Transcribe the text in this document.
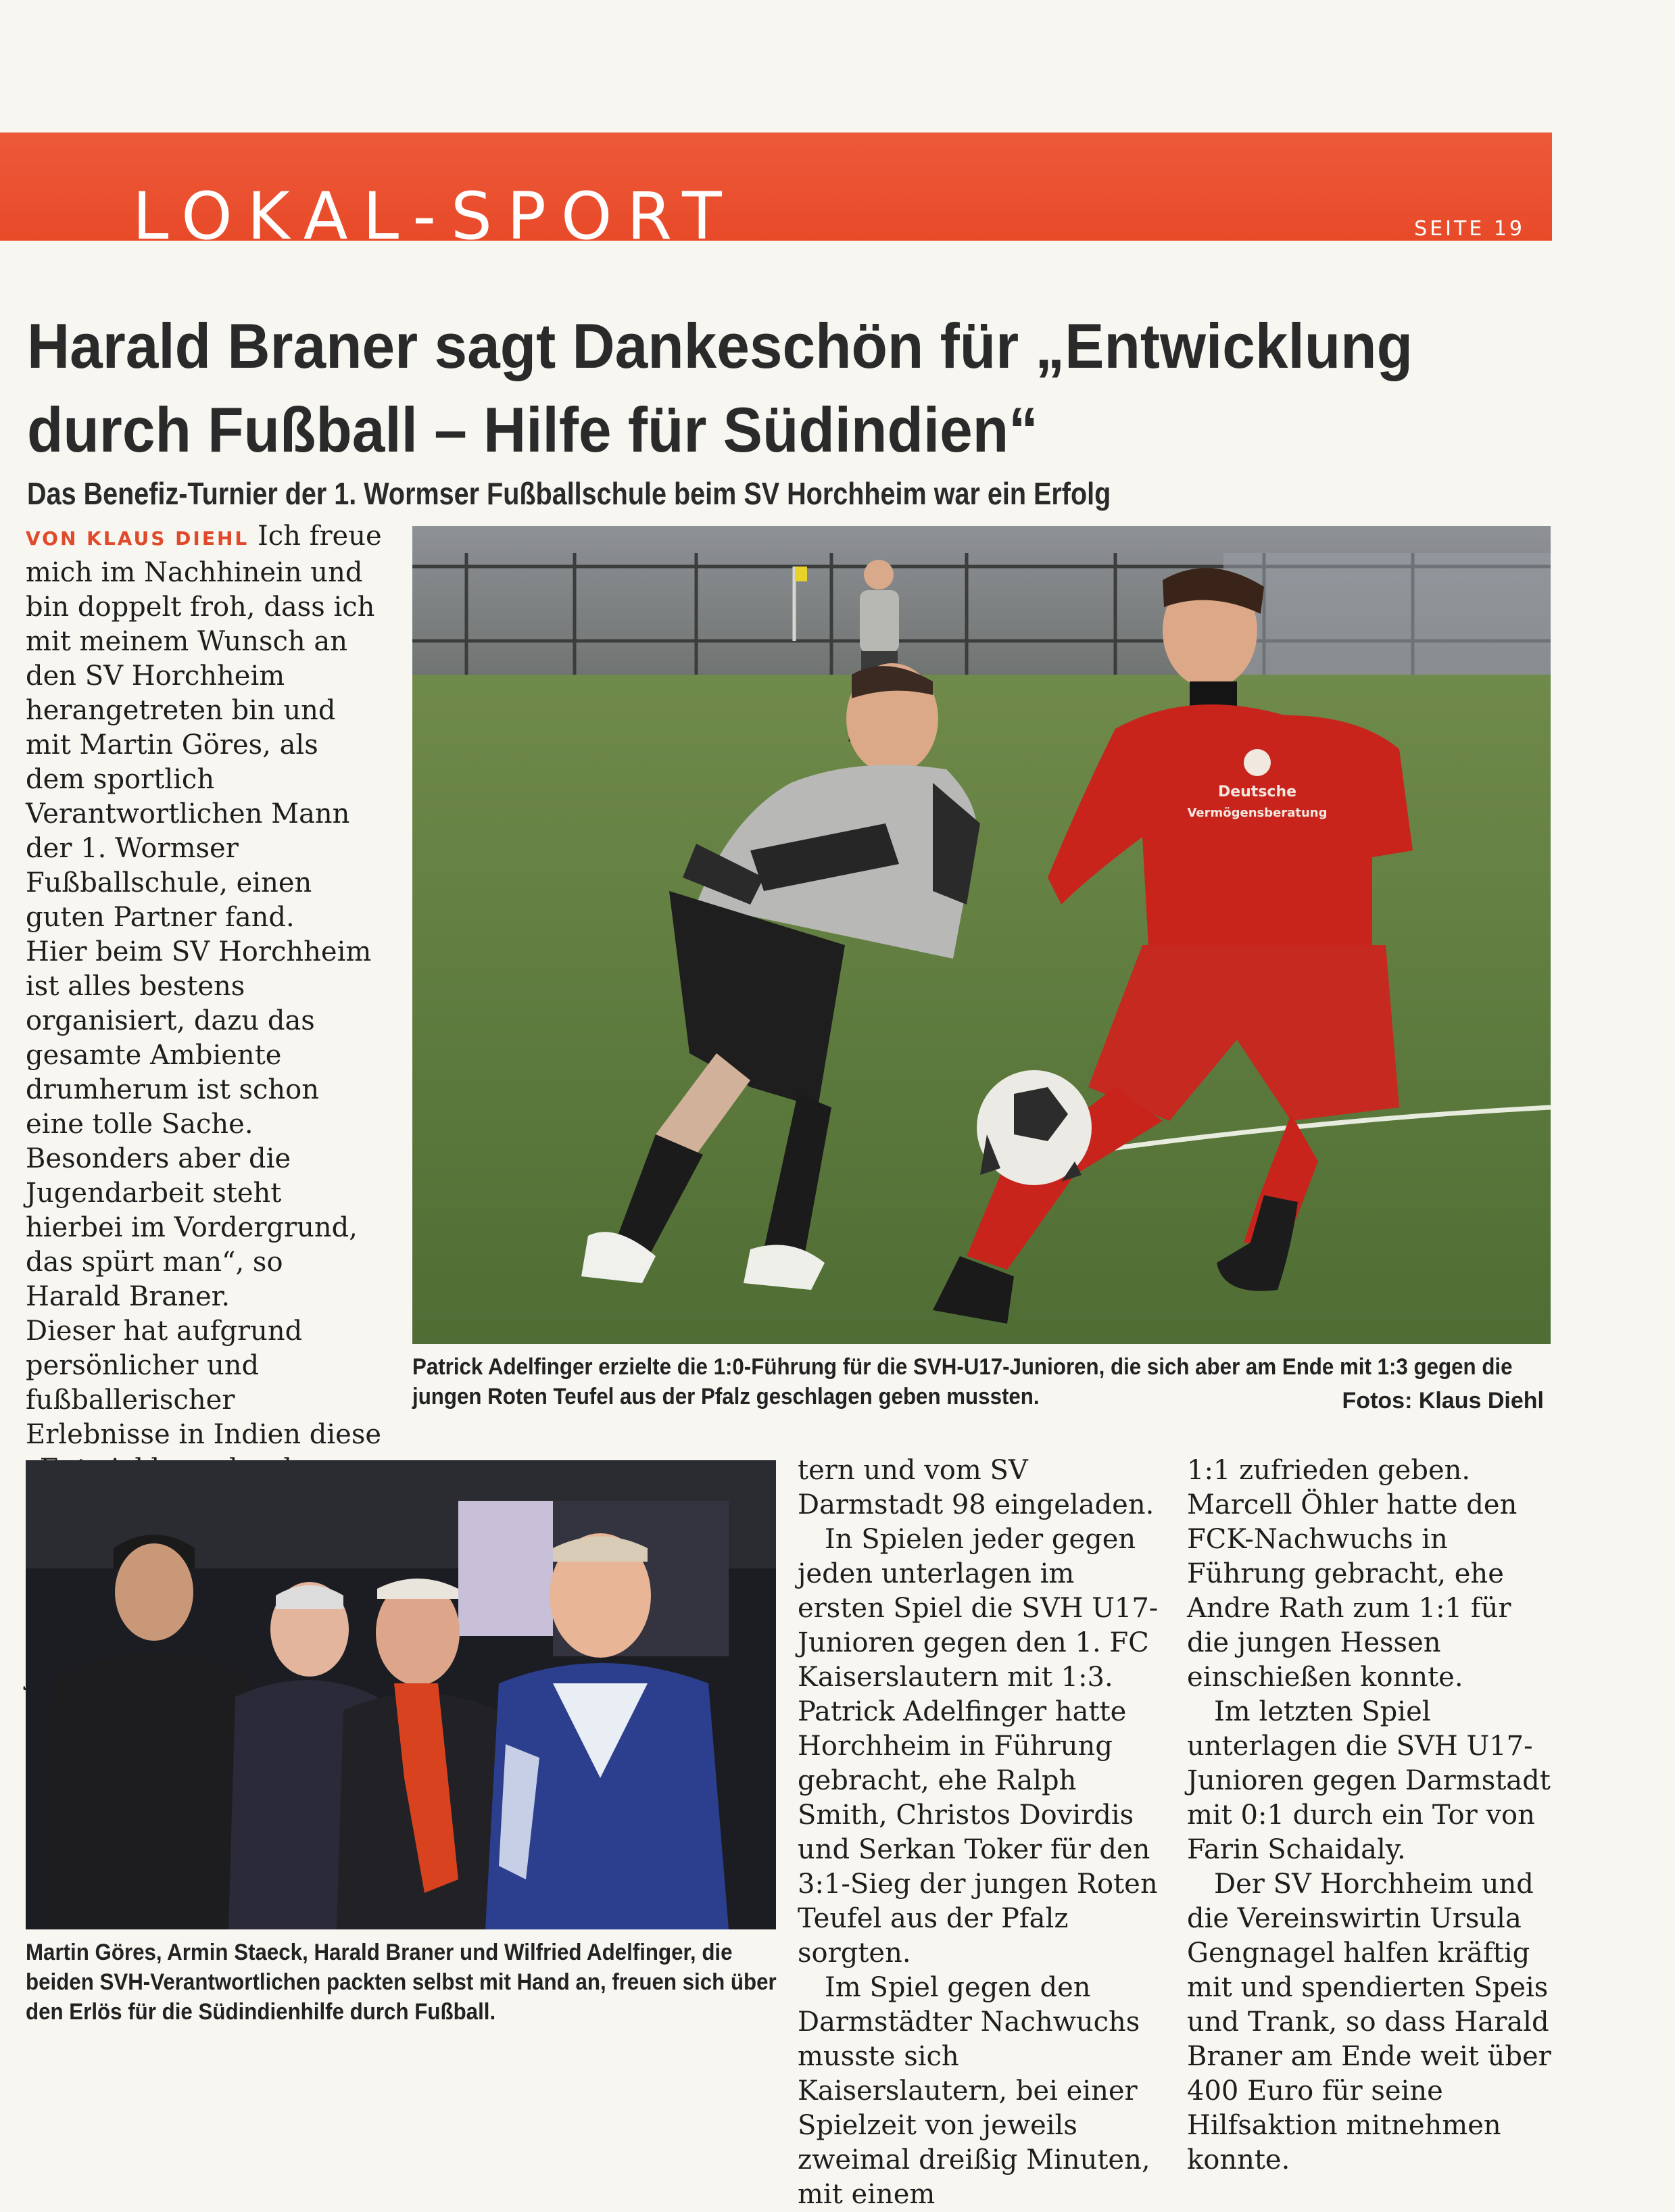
LOKAL-SPORT	SEITE 19
Harald Braner sagt Dankeschön für „Entwicklung
durch Fußball – Hilfe für Südindien“
Das Benefiz-Turnier der 1. Wormser Fußballschule beim SV Horchheim war ein Erfolg

VON KLAUS DIEHL Ich freue mich im Nachhinein und bin doppelt froh, dass ich mit meinem Wunsch an den SV Horchheim herangetreten bin und mit Martin Göres, als dem sportlich Verantwortlichen Mann der 1. Wormser Fußballschule, einen guten Partner fand.

Hier beim SV Horchheim ist alles bestens organisiert, dazu das gesamte Ambiente drumherum ist schon eine tolle Sache. Besonders aber die Jugendarbeit steht hierbei im Vordergrund, das spürt man“, so Harald Braner.

Dieser hat aufgrund persönlicher und fußballerischer Erlebnisse in Indien diese

Deutsche
Vermögensberatung
Patrick Adelfinger erzielte die 1:0-Führung für die SVH-U17-Junioren, die sich aber am Ende mit 1:3 gegen die jungen Roten Teufel aus der Pfalz geschlagen geben mussten.	Fotos: Klaus Diehl
Martin Göres, Armin Staeck, Harald Braner und Wilfried Adelfinger, die beiden SVH-Verantwortlichen packten selbst mit Hand an, freuen sich über den Erlös für die Südindienhilfe durch Fußball.

tern und vom SV Darmstadt 98 eingeladen.

In Spielen jeder gegen jeden unterlagen im ersten Spiel die SVH U17-Junioren gegen den 1. FC Kaiserslautern mit 1:3. Patrick Adelfinger hatte Horchheim in Führung gebracht, ehe Ralph Smith, Christos Dovirdis und Serkan Toker für den 3:1-Sieg der jungen Roten Teufel aus der Pfalz sorgten.

Im Spiel gegen den Darmstädter Nachwuchs musste sich Kaiserslautern, bei einer Spielzeit von jeweils zweimal dreißig Minuten, mit einem

1:1 zufrieden geben. Marcell Öhler hatte den FCK-Nachwuchs in Führung gebracht, ehe Andre Rath zum 1:1 für die jungen Hessen einschießen konnte.

Im letzten Spiel unterlagen die SVH U17-Junioren gegen Darmstadt mit 0:1 durch ein Tor von Farin Schaidaly.

Der SV Horchheim und die Vereinswirtin Ursula Gengnagel halfen kräftig mit und spendierten Speis und Trank, so dass Harald Braner am Ende weit über 400 Euro für seine Hilfsaktion mitnehmen konnte.
